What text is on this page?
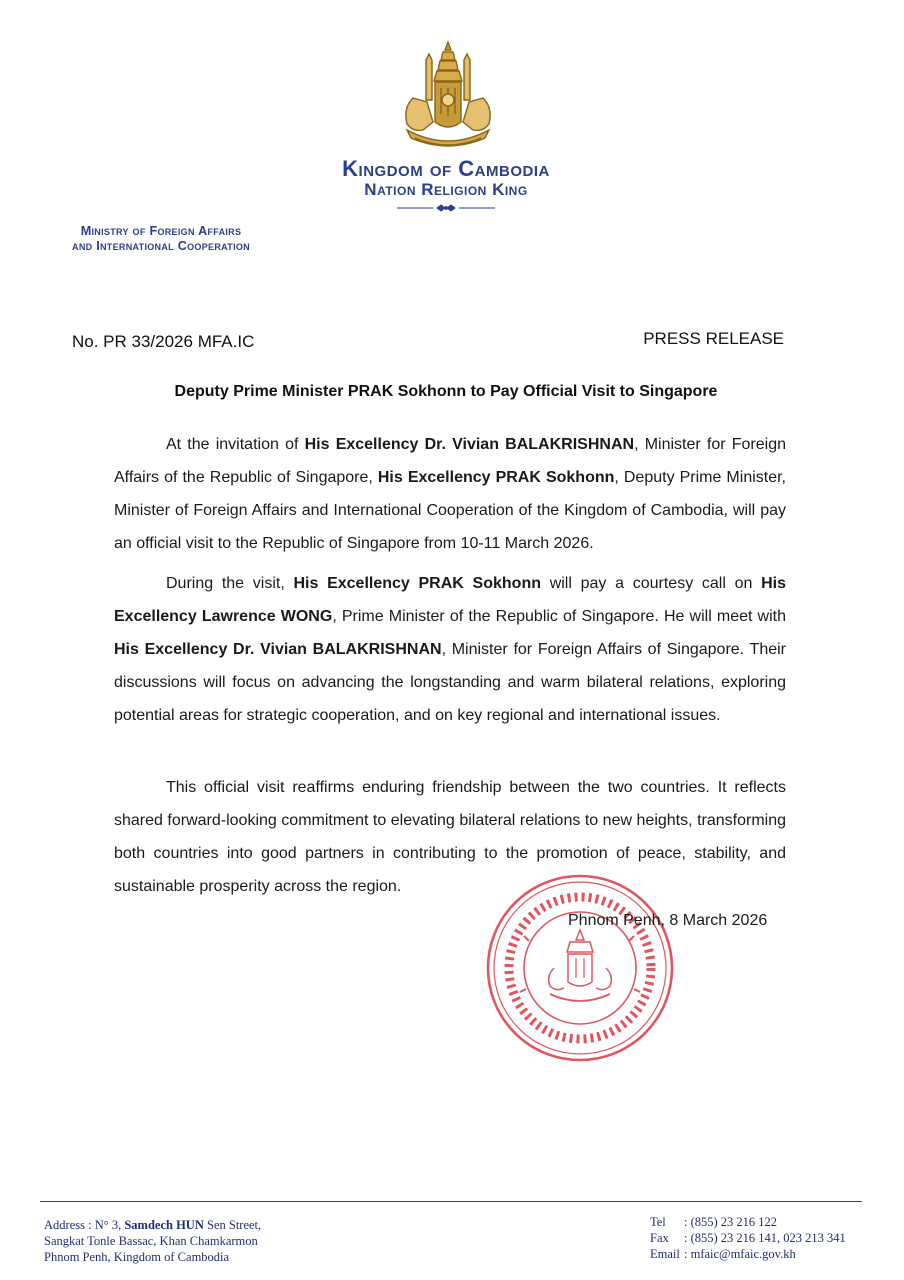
Kingdom of Cambodia
Nation Religion King
Ministry of Foreign Affairs
and International Cooperation
No. PR 33/2026 MFA.IC	PRESS RELEASE
Deputy Prime Minister PRAK Sokhonn to Pay Official Visit to Singapore
At the invitation of His Excellency Dr. Vivian BALAKRISHNAN, Minister for Foreign Affairs of the Republic of Singapore, His Excellency PRAK Sokhonn, Deputy Prime Minister, Minister of Foreign Affairs and International Cooperation of the Kingdom of Cambodia, will pay an official visit to the Republic of Singapore from 10-11 March 2026.
During the visit, His Excellency PRAK Sokhonn will pay a courtesy call on His Excellency Lawrence WONG, Prime Minister of the Republic of Singapore. He will meet with His Excellency Dr. Vivian BALAKRISHNAN, Minister for Foreign Affairs of Singapore. Their discussions will focus on advancing the longstanding and warm bilateral relations, exploring potential areas for strategic cooperation, and on key regional and international issues.
This official visit reaffirms enduring friendship between the two countries. It reflects shared forward-looking commitment to elevating bilateral relations to new heights, transforming both countries into good partners in contributing to the promotion of peace, stability, and sustainable prosperity across the region.
Phnom Penh, 8 March 2026
Address : N° 3, Samdech HUN Sen Street,
Sangkat Tonle Bassac, Khan Chamkarmon
Phnom Penh, Kingdom of Cambodia
Tel : (855) 23 216 122
Fax : (855) 23 216 141, 023 213 341
Email : mfaic@mfaic.gov.kh
